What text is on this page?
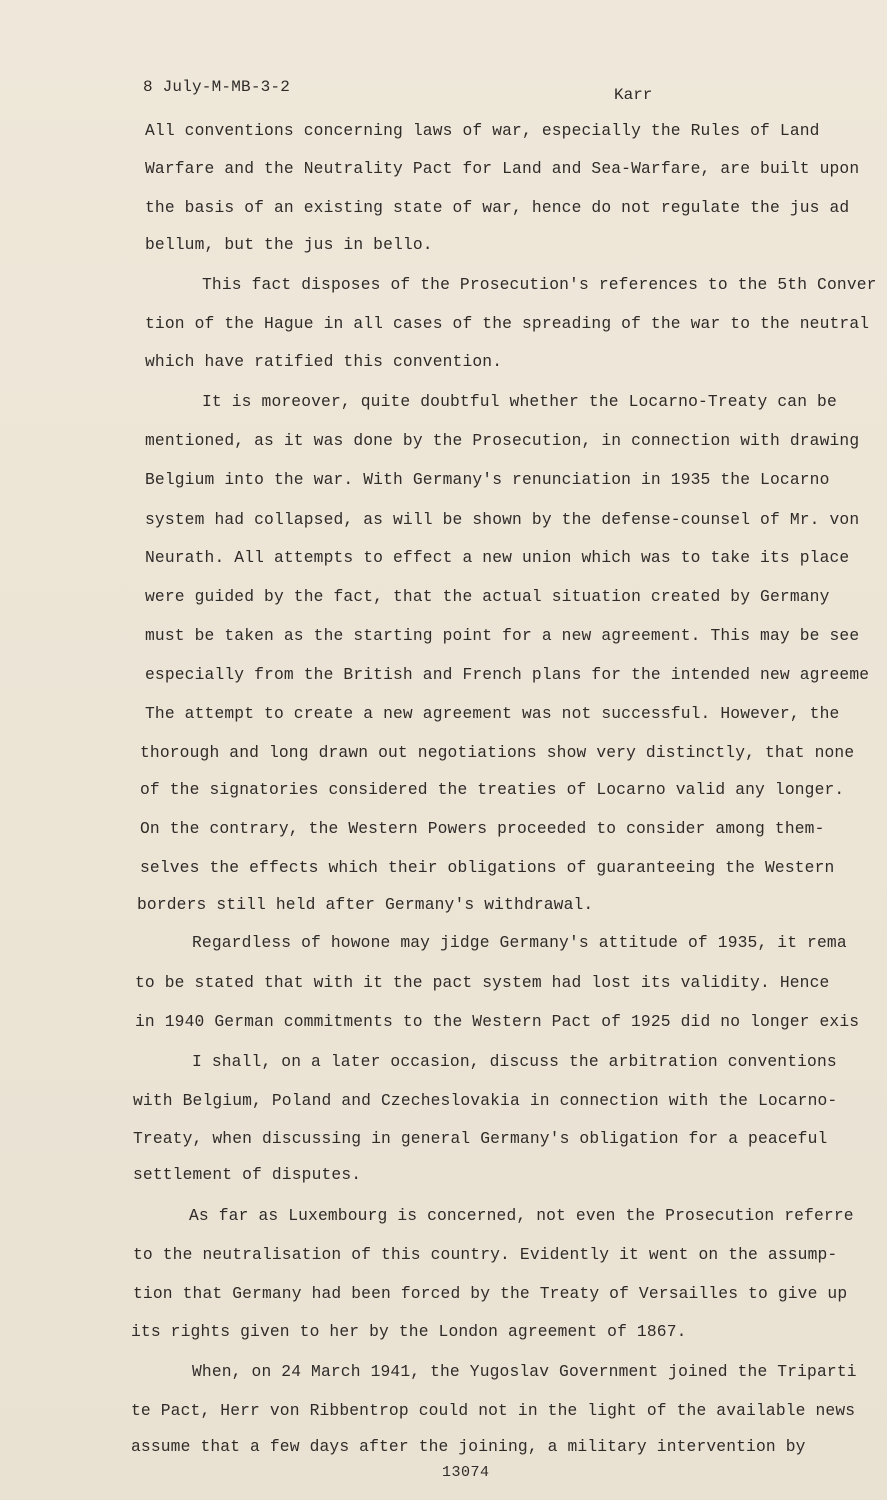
8 July-M-MB-3-2	Karr
All conventions concerning laws of war, especially the Rules of Land
Warfare and the Neutrality Pact for Land and Sea-Warfare, are built upon
the basis of an existing state of war, hence do not regulate the jus ad
bellum, but the jus in bello.
This fact disposes of the Prosecution's references to the 5th Conver
tion of the Hague in all cases of the spreading of the war to the neutral
which have ratified this convention.
It is moreover, quite doubtful whether the Locarno-Treaty can be
mentioned, as it was done by the Prosecution, in connection with drawing
Belgium into the war. With Germany's renunciation in 1935 the Locarno
system had collapsed, as will be shown by the defense-counsel of Mr. von
Neurath. All attempts to effect a new union which was to take its place
were guided by the fact, that the actual situation created by Germany
must be taken as the starting point for a new agreement. This may be see
especially from the British and French plans for the intended new agreeme
The attempt to create a new agreement was not successful. However, the
thorough and long drawn out negotiations show very distinctly, that none
of the signatories considered the treaties of Locarno valid any longer.
On the contrary, the Western Powers proceeded to consider among them-
selves the effects which their obligations of guaranteeing the Western
borders still held after Germany's withdrawal.
Regardless of howone may jidge Germany's attitude of 1935, it rema
to be stated that with it the pact system had lost its validity. Hence
in 1940 German commitments to the Western Pact of 1925 did no longer exis
I shall, on a later occasion, discuss the arbitration conventions
with Belgium, Poland and Czecheslovakia in connection with the Locarno-
Treaty, when discussing in general Germany's obligation for a peaceful
settlement of disputes.
As far as Luxembourg is concerned, not even the Prosecution referre
to the neutralisation of this country. Evidently it went on the assump-
tion that Germany had been forced by the Treaty of Versailles to give up
its rights given to her by the London agreement of 1867.
When, on 24 March 1941, the Yugoslav Government joined the Triparti
te Pact, Herr von Ribbentrop could not in the light of the available news
assume that a few days after the joining, a military intervention by
13074
